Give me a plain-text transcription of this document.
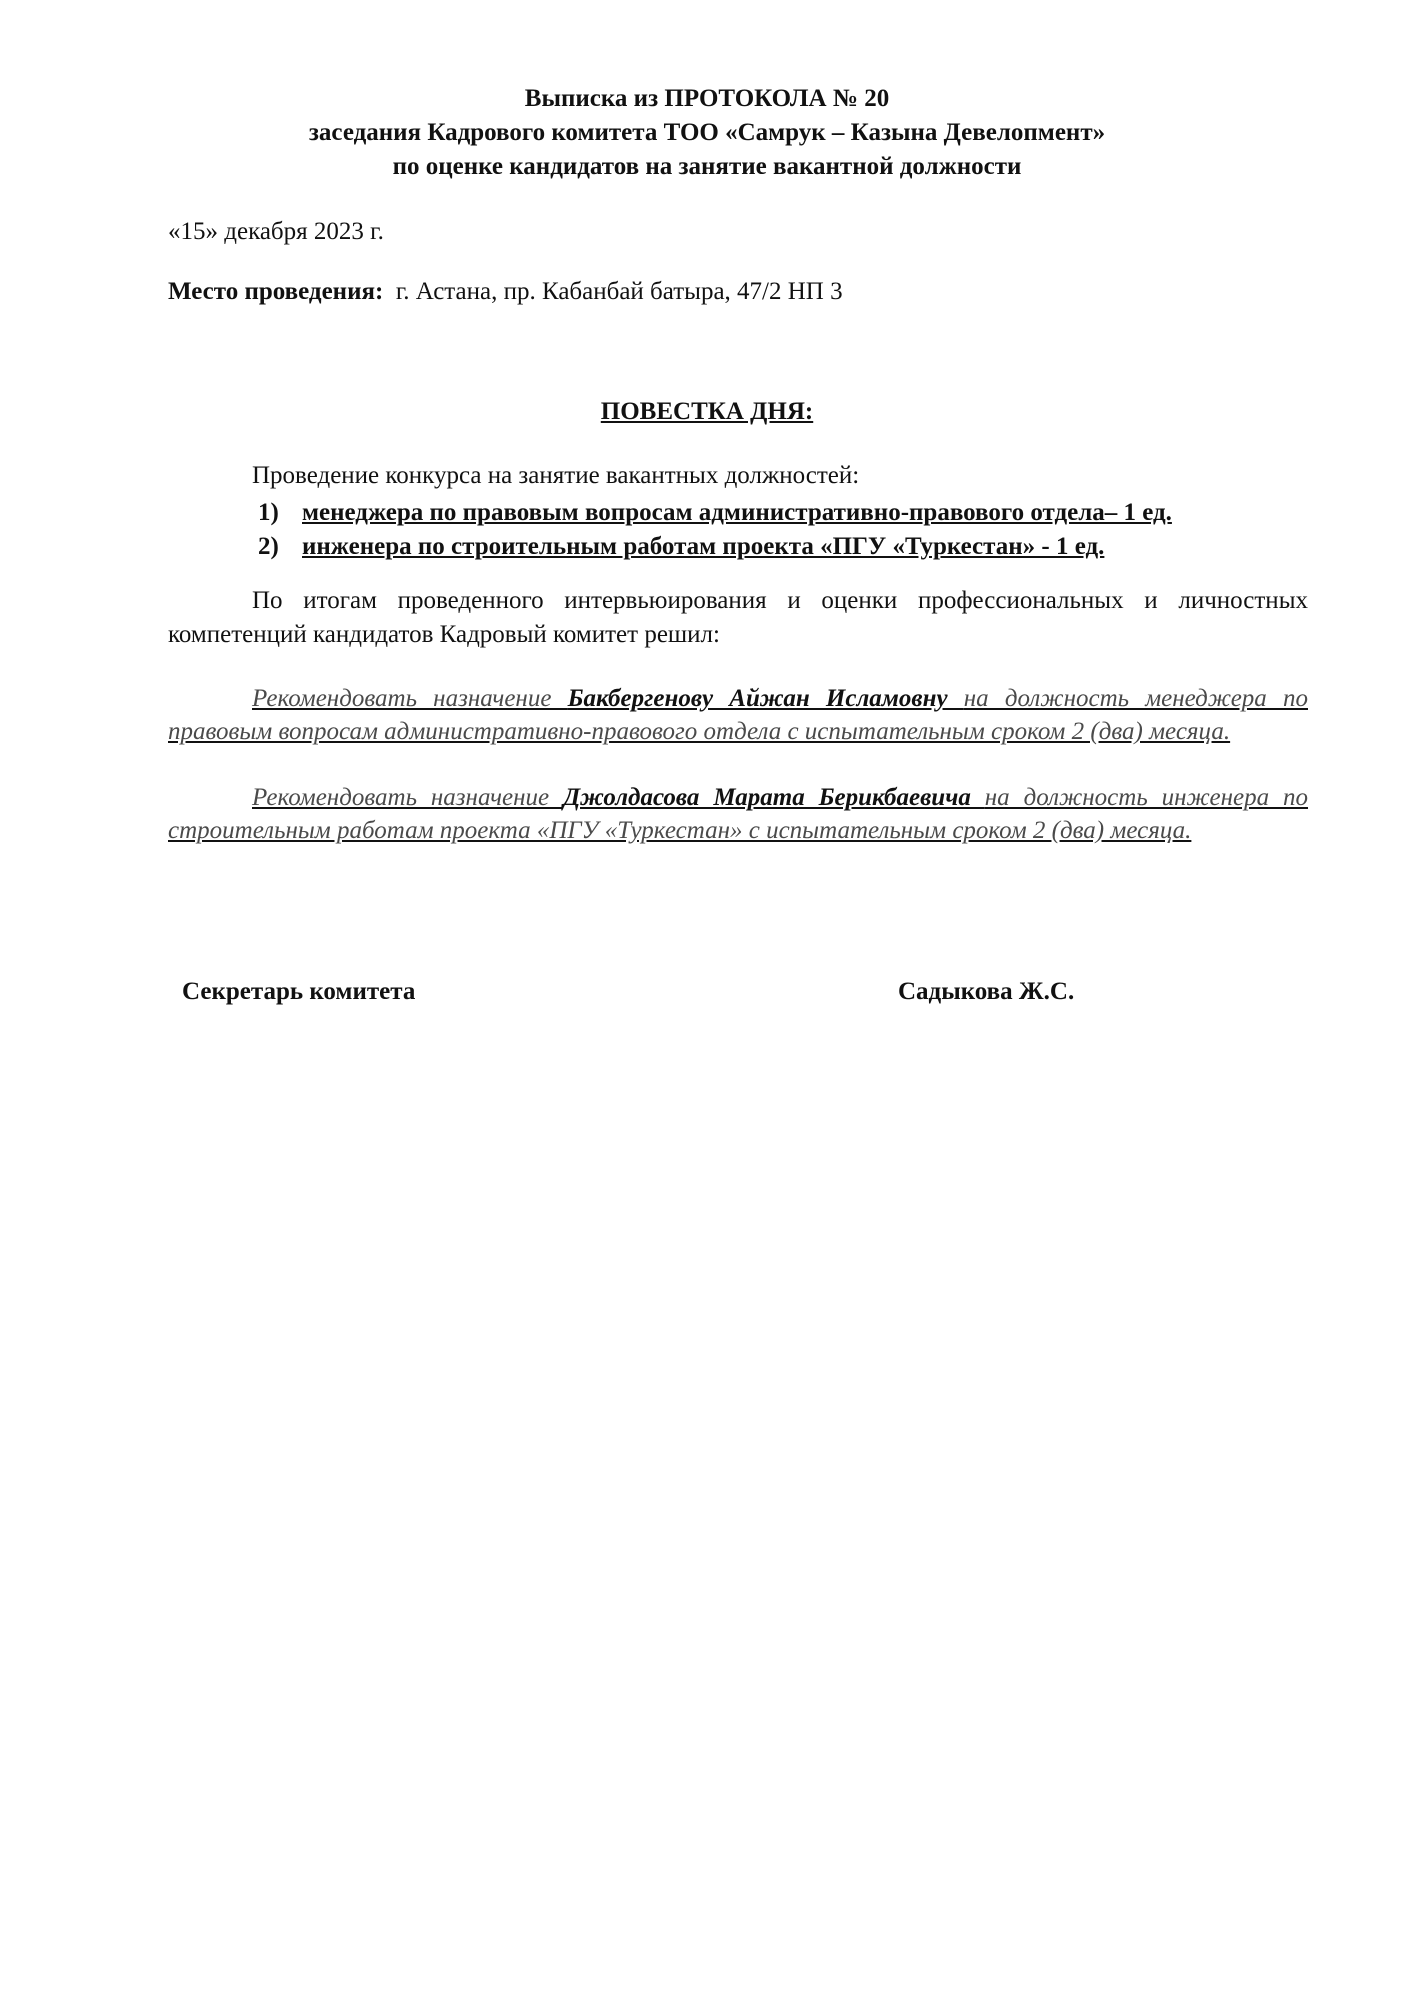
Выписка из ПРОТОКОЛА № 20
заседания Кадрового комитета ТОО «Самрук – Казына Девелопмент»
по оценке кандидатов на занятие вакантной должности
«15» декабря 2023 г.
Место проведения: г. Астана, пр. Кабанбай батыра, 47/2 НП 3
ПОВЕСТКА ДНЯ:
Проведение конкурса на занятие вакантных должностей:
1) менеджера по правовым вопросам административно-правового отдела– 1 ед.
2) инженера по строительным работам проекта «ПГУ «Туркестан» - 1 ед.
По итогам проведенного интервьюирования и оценки профессиональных и личностных компетенций кандидатов Кадровый комитет решил:
Рекомендовать назначение Бакбергенову Айжан Исламовну на должность менеджера по правовым вопросам административно-правового отдела с испытательным сроком 2 (два) месяца.
Рекомендовать назначение Джолдасова Марата Берикбаевича на должность инженера по строительным работам проекта «ПГУ «Туркестан» с испытательным сроком 2 (два) месяца.
Секретарь комитета	Садыкова Ж.С.
